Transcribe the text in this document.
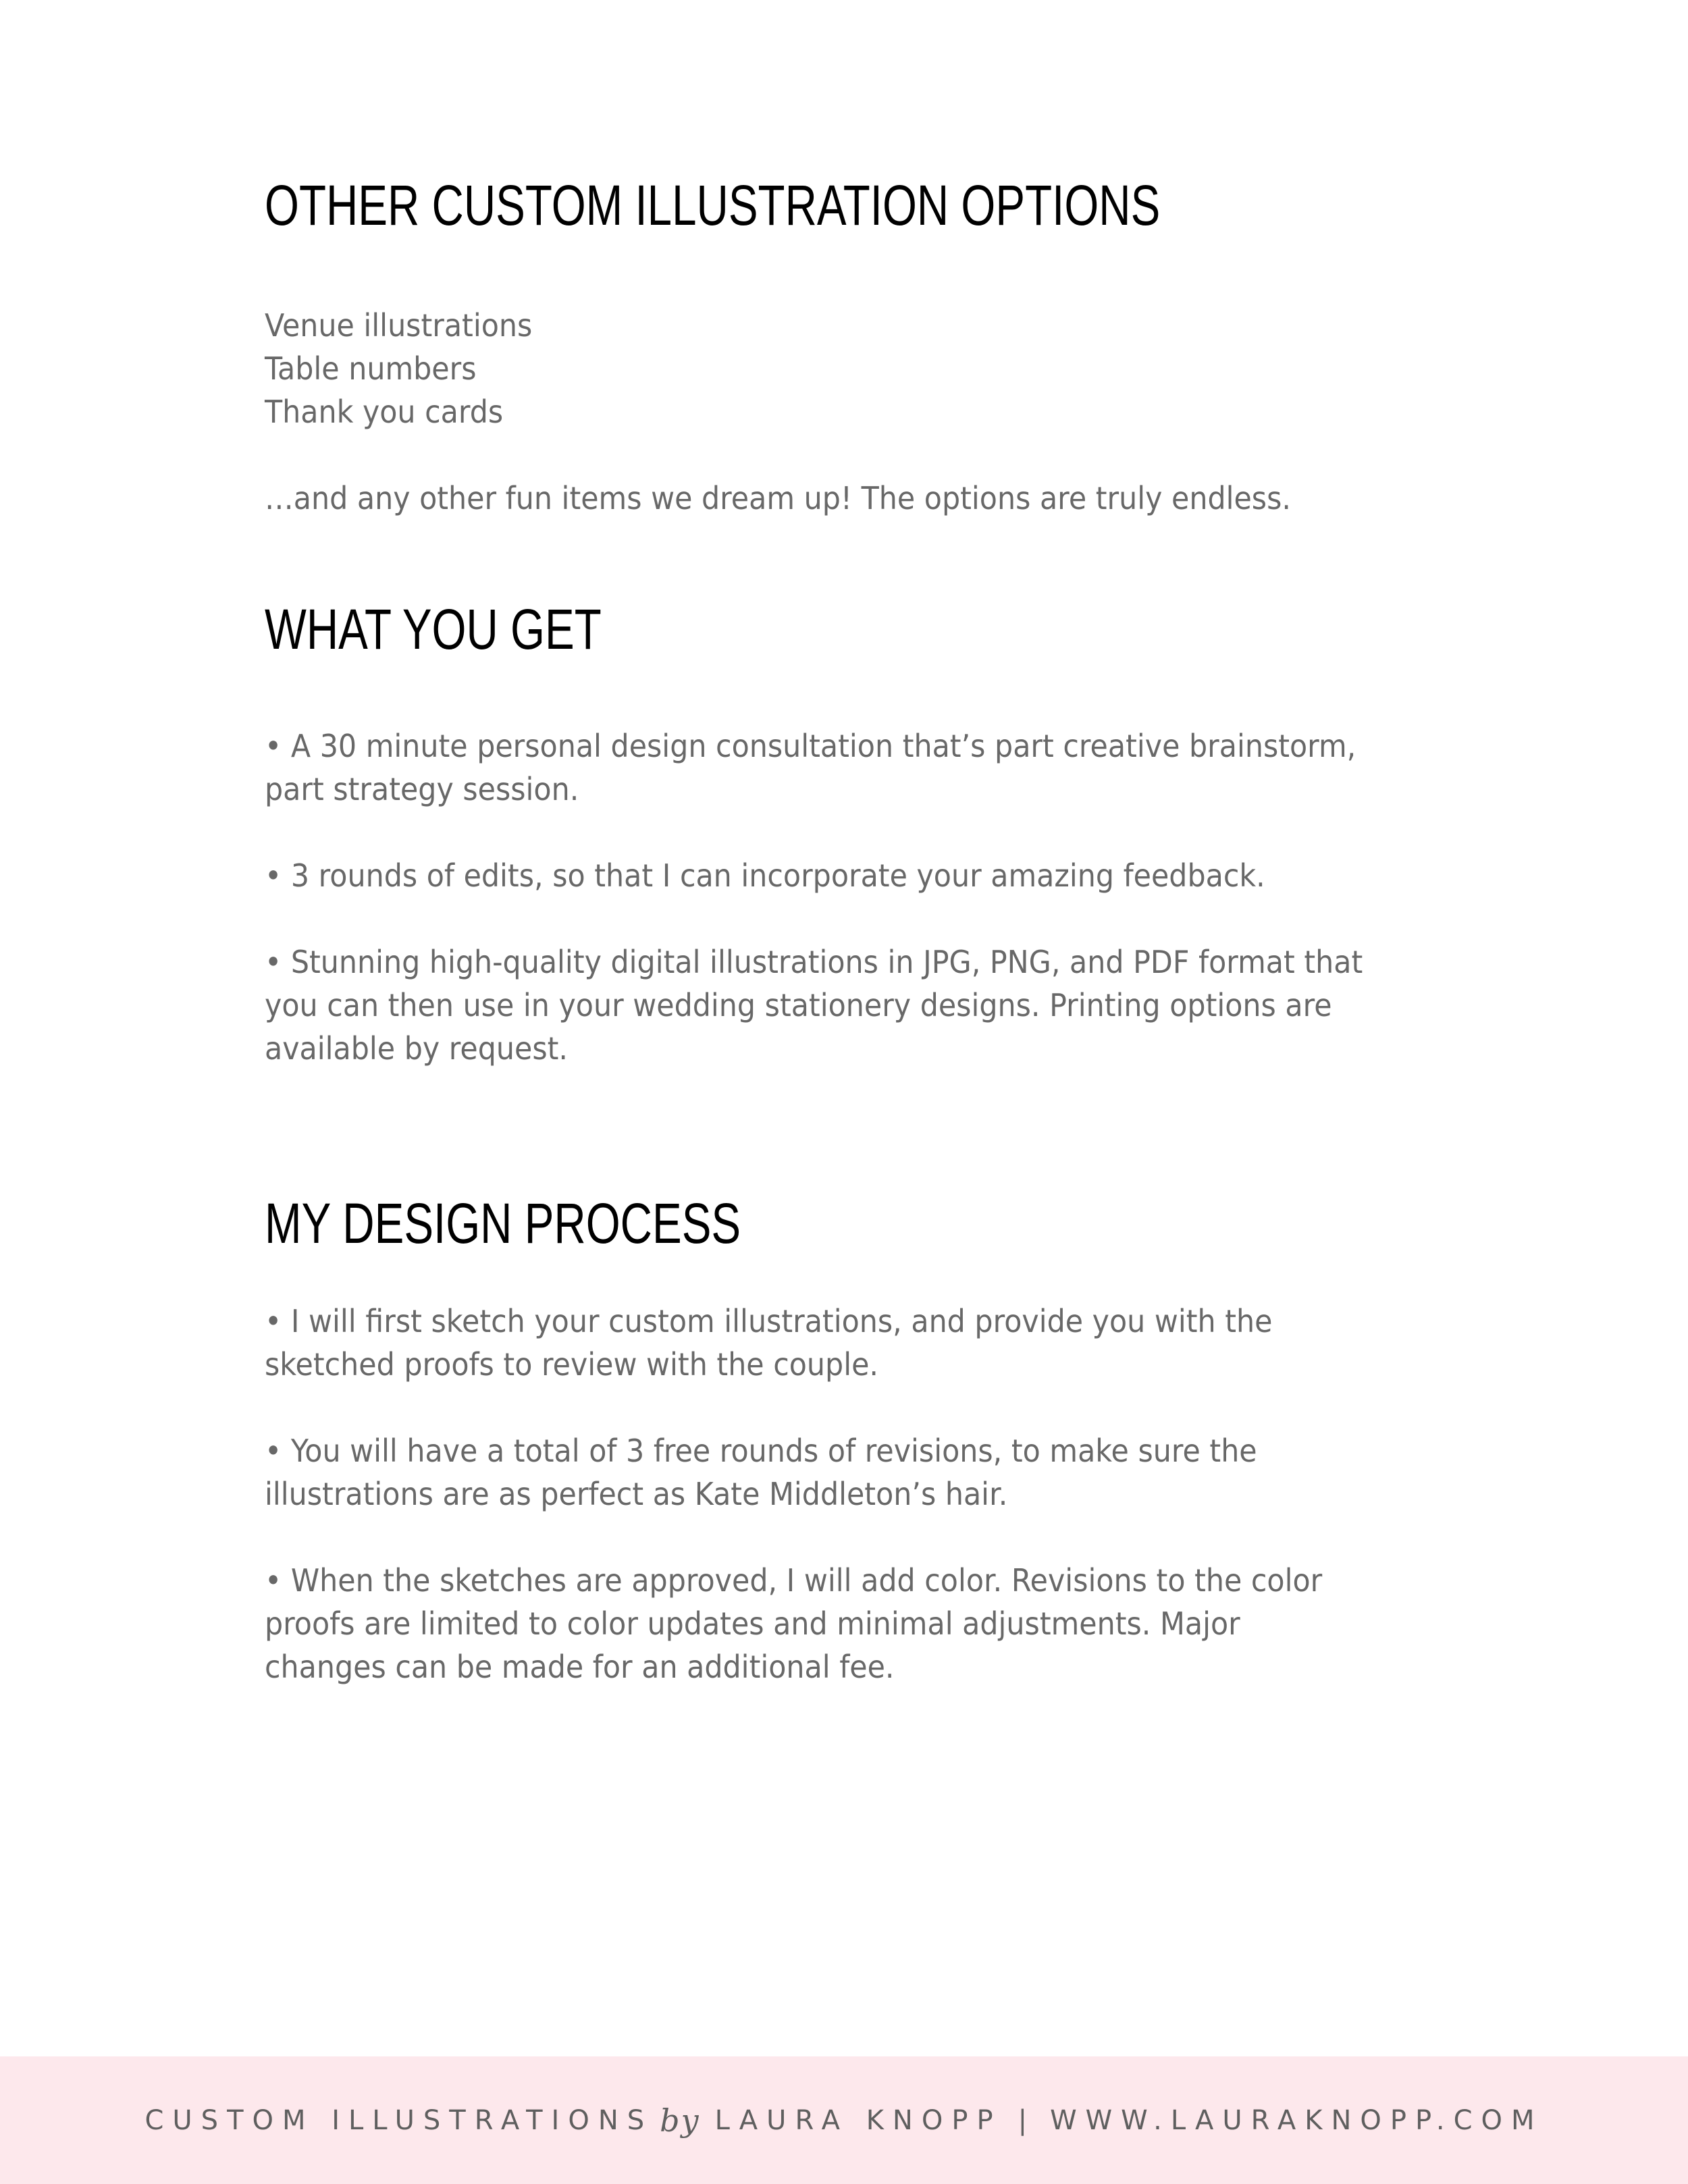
OTHER CUSTOM ILLUSTRATION OPTIONS

Venue illustrations

Table numbers

Thank you cards

…and any other fun items we dream up! The options are truly endless.

WHAT YOU GET

• A 30 minute personal design consultation that’s part creative brainstorm,

part strategy session.

• 3 rounds of edits, so that I can incorporate your amazing feedback.

• Stunning high-quality digital illustrations in JPG, PNG, and PDF format that

you can then use in your wedding stationery designs. Printing options are

available by request.

MY DESIGN PROCESS

• I will first sketch your custom illustrations, and provide you with the

sketched proofs to review with the couple.

• You will have a total of 3 free rounds of revisions, to make sure the

illustrations are as perfect as Kate Middleton’s hair.

• When the sketches are approved, I will add color. Revisions to the color

proofs are limited to color updates and minimal adjustments. Major

changes can be made for an additional fee.

CUSTOM ILLUSTRATIONS by LAURA KNOPP | WWW.LAURAKNOPP.COM
